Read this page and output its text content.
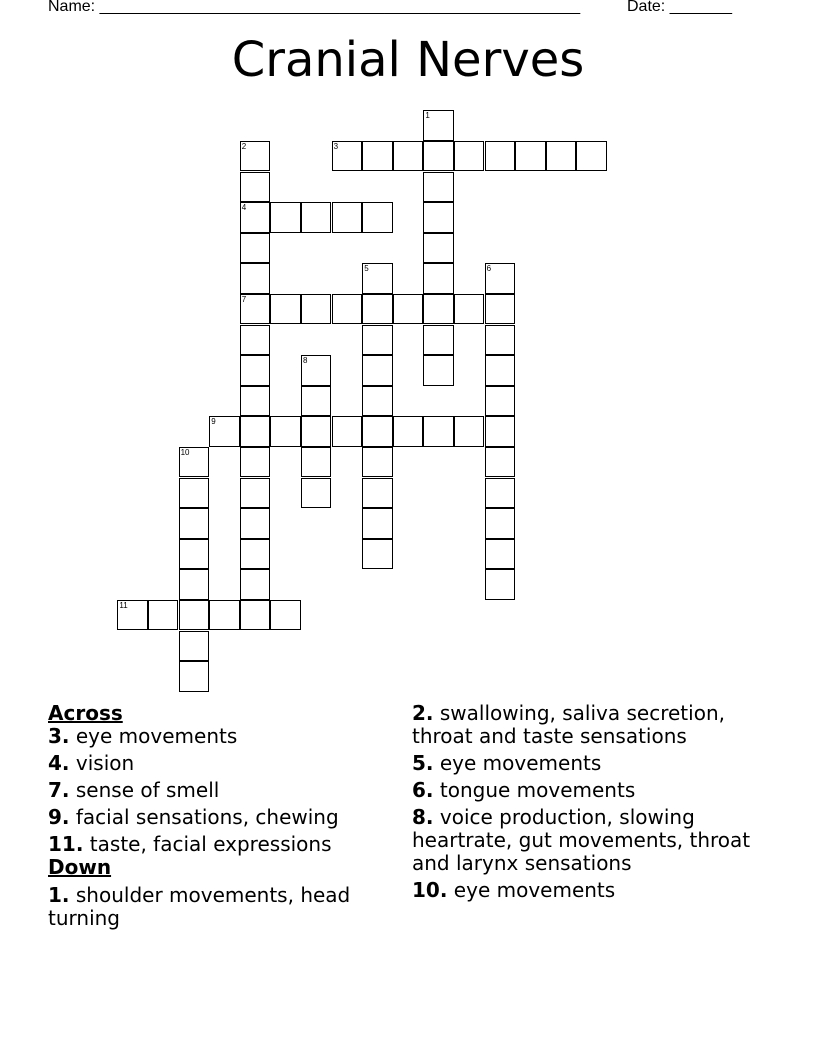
Name: ______________________________________________________	Date: _______
Cranial Nerves
1
2
4
7
3
5	6
8
9
10
11
Across
3. eye movements
4. vision
7. sense of smell
9. facial sensations, chewing
11. taste, facial expressions
Down
1. shoulder movements, head turning
2. swallowing, saliva secretion, throat and taste sensations
5. eye movements
6. tongue movements
8. voice production, slowing heartrate, gut movements, throat and larynx sensations
10. eye movements
